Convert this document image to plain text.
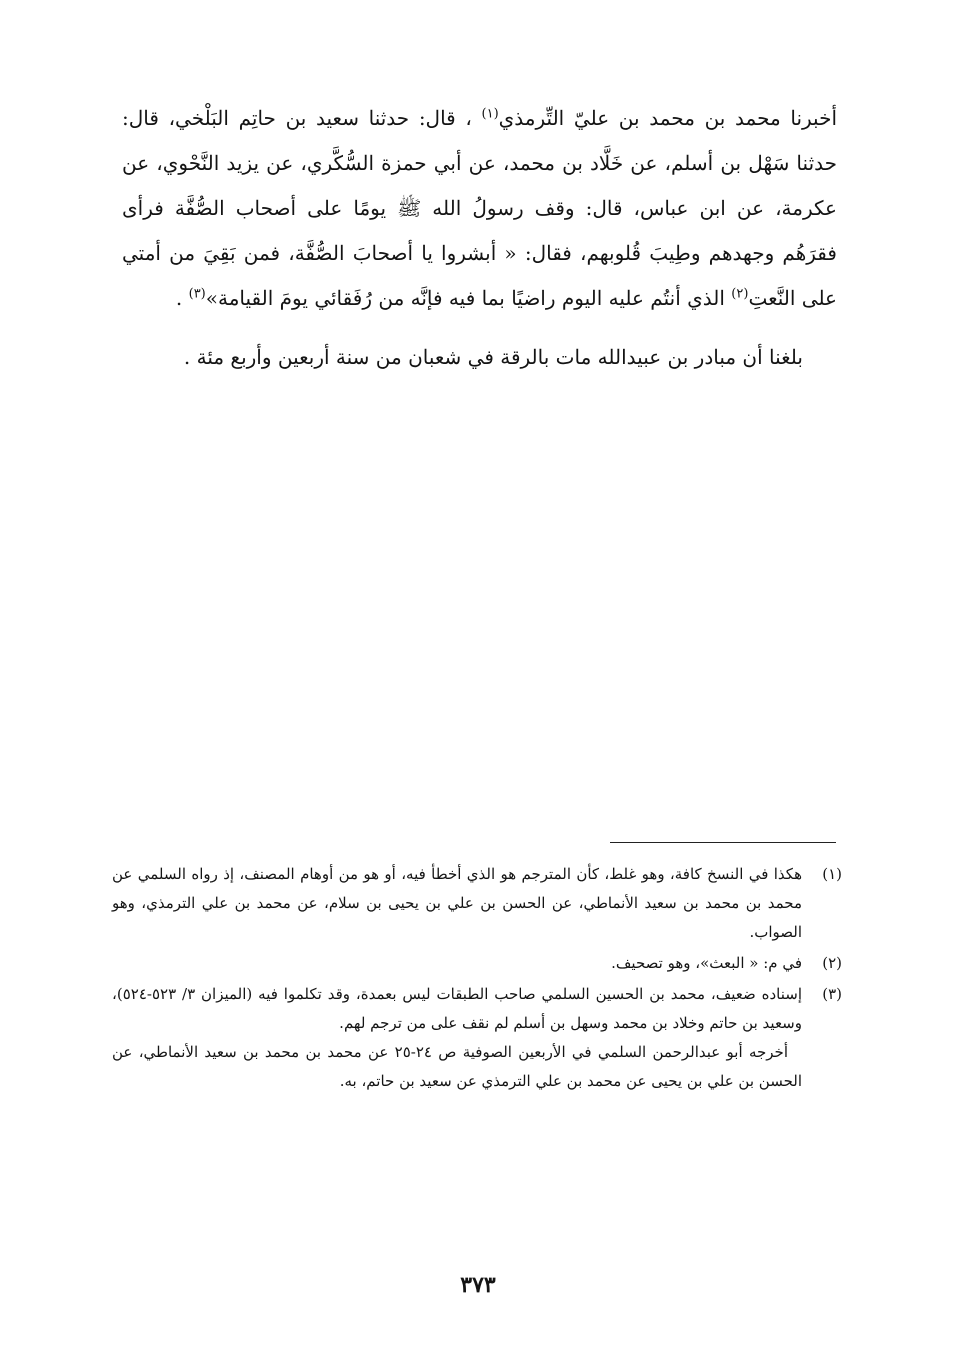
أخبرنا محمد بن محمد بن عليّ التِّرمذي$^{(١)}$ ، قال: حدثنا سعيد بن حاتِم البَلْخي، قال: حدثنا سَهْل بن أسلم، عن خَلَّاد بن محمد، عن أبي حمزة السُّكَّري، عن يزيد النَّحْوي، عن عكرمة، عن ابن عباس، قال: وقف رسولُ الله ﷺ يومًا على أصحاب الصُّفَّة فرأى فقرَهُم وجهدهم وطِيبَ قُلوبهم، فقال: « أبشروا يا أصحابَ الصُّفَّة، فمن بَقِيَ من أمتي على النَّعتِ$^{(٢)}$ الذي أنتُم عليه اليوم راضيًا بما فيه فإنَّه من رُفَقائي يومَ القيامة»$^{(٣)}$ .

بلغنا أن مبادر بن عبيدالله مات بالرقة في شعبان من سنة أربعين وأربع مئة .

(١)

هكذا في النسخ كافة، وهو غلط، كأن المترجم هو الذي أخطأ فيه، أو هو من أوهام المصنف، إذ رواه السلمي عن محمد بن محمد بن سعيد الأنماطي، عن الحسن بن علي بن يحيى بن سلام، عن محمد بن علي الترمذي، وهو الصواب.

(٢)

في م: « البعث»، وهو تصحيف.

(٣)

إسناده ضعيف، محمد بن الحسين السلمي صاحب الطبقات ليس بعمدة، وقد تكلموا فيه (الميزان ٣/ ٥٢٣-٥٢٤)، وسعيد بن حاتم وخلاد بن محمد وسهل بن أسلم لم نقف على من ترجم لهم.

أخرجه أبو عبدالرحمن السلمي في الأربعين الصوفية ص ٢٤-٢٥ عن محمد بن محمد بن سعيد الأنماطي، عن الحسن بن علي بن يحيى عن محمد بن علي الترمذي عن سعيد بن حاتم، به.

٣٧٣
